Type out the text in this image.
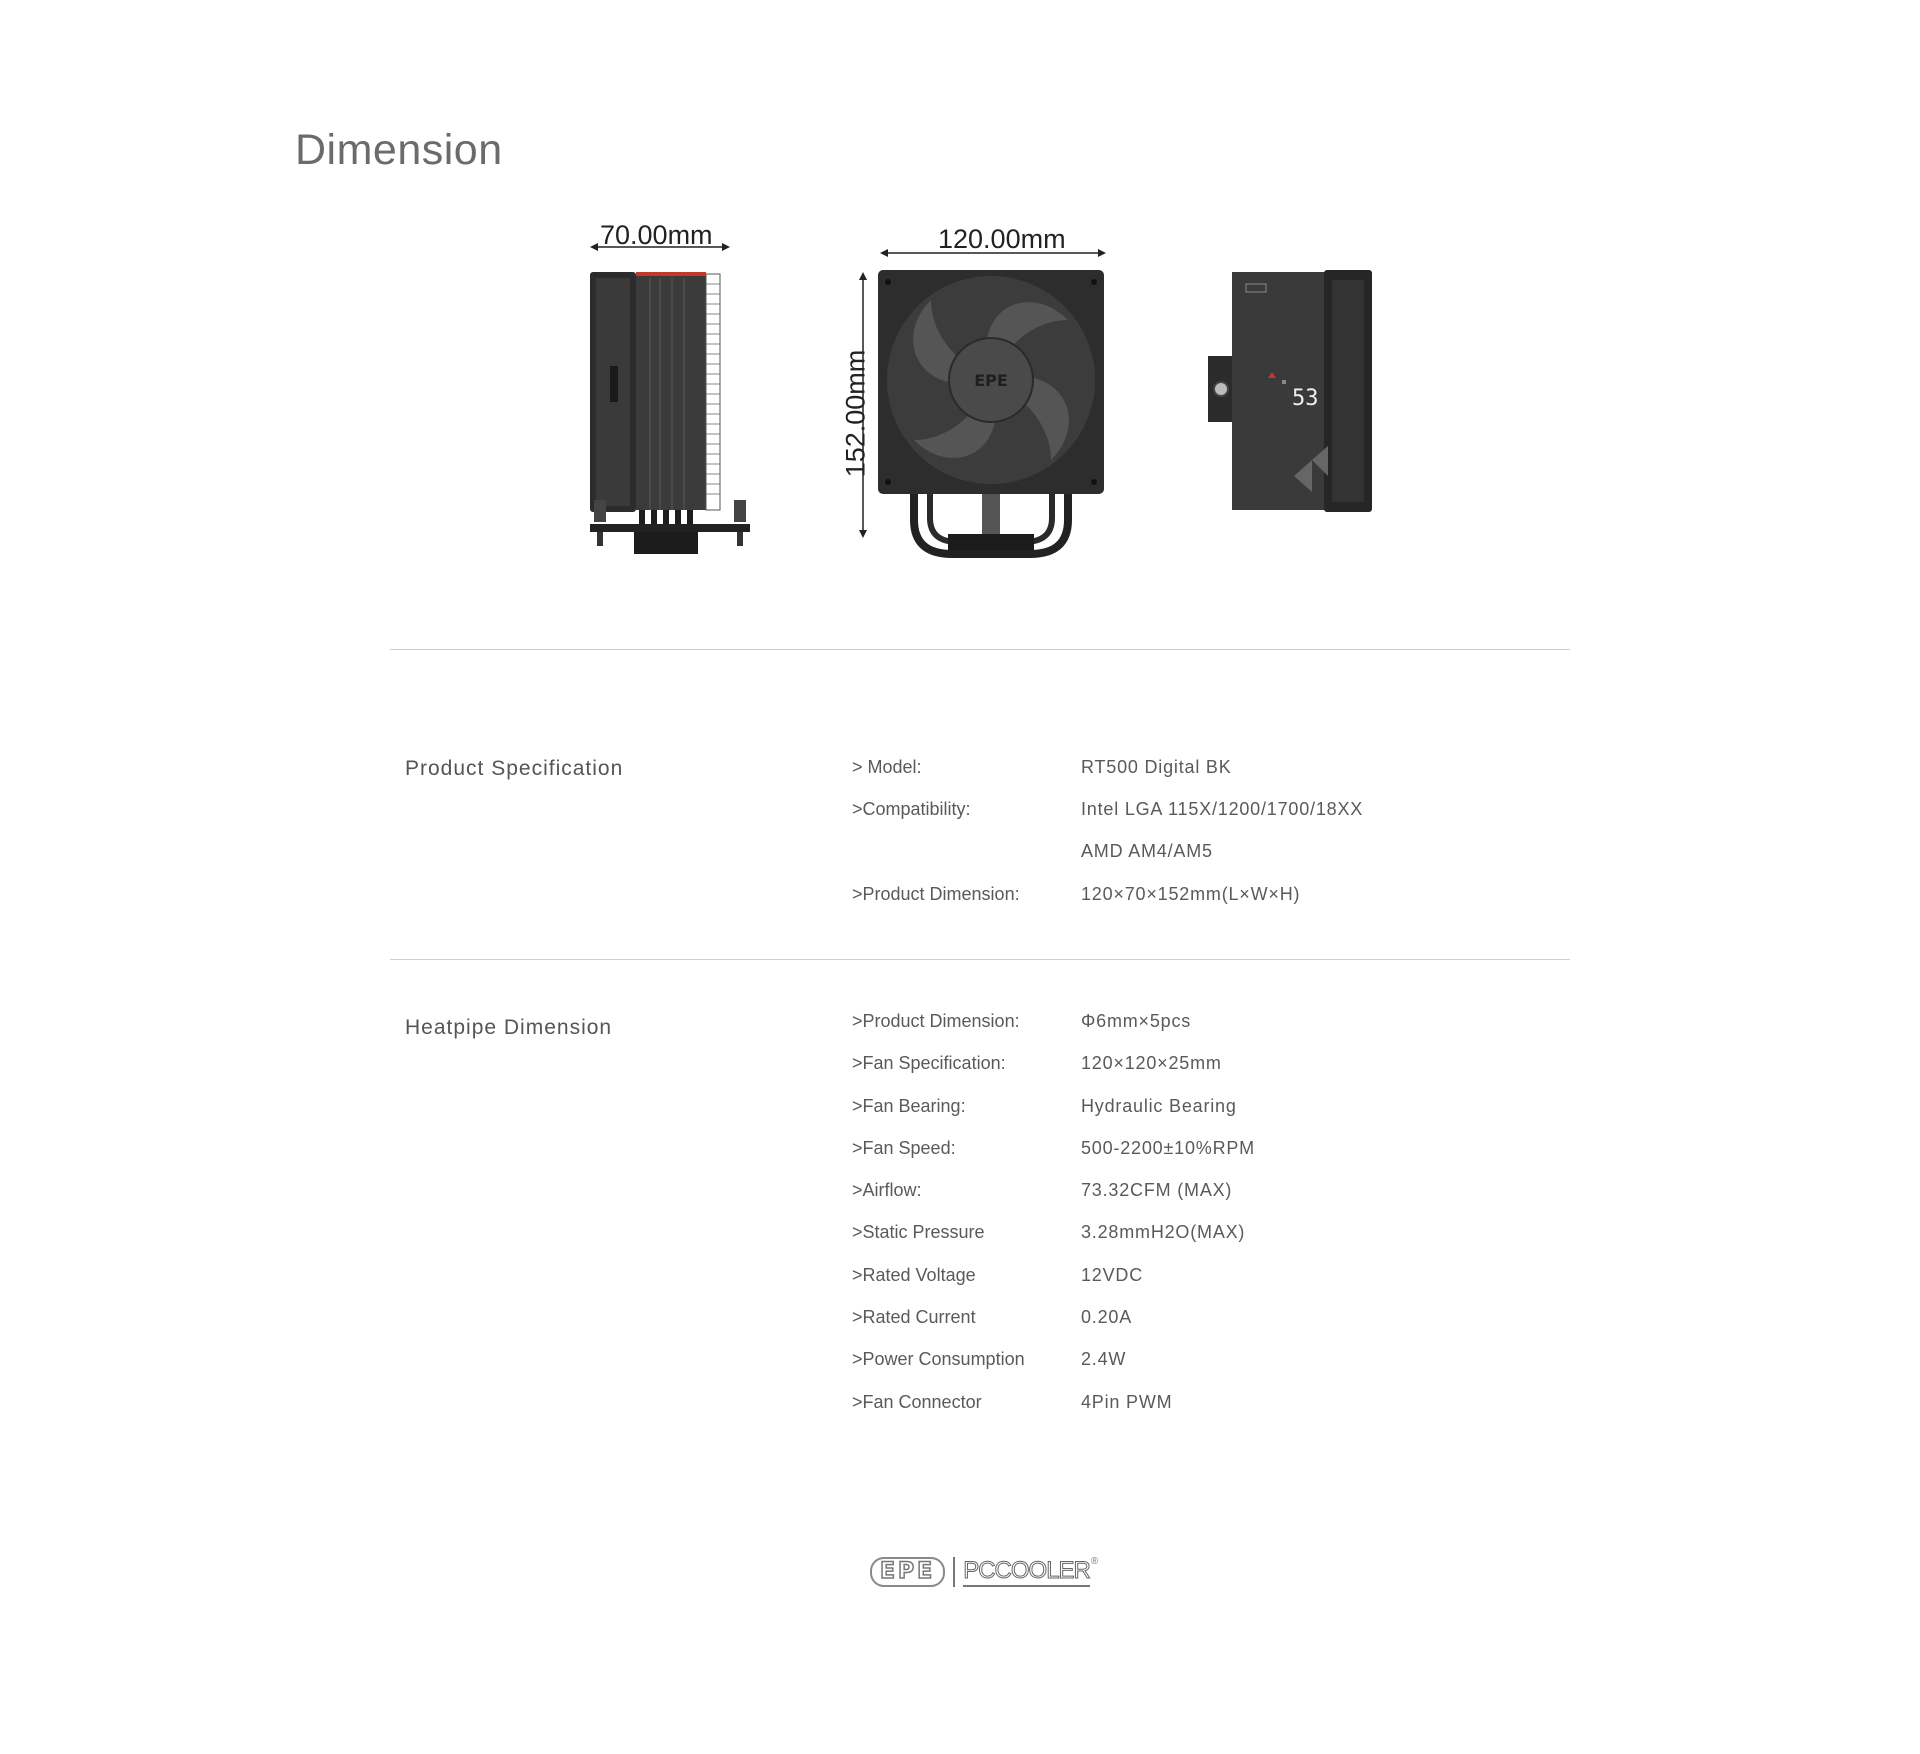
Dimension
70.00mm	120.00mm
152.00mm	EPE
53
Product Specification	> Model:	RT500 Digital BK
>Compatibility:	Intel LGA 115X/1200/1700/18XX
AMD AM4/AM5
>Product Dimension:	120×70×152mm(L×W×H)
Heatpipe Dimension	>Product Dimension:	Φ6mm×5pcs
>Fan Specification:	120×120×25mm
>Fan Bearing:	Hydraulic Bearing
>Fan Speed:	500-2200±10%RPM
>Airflow:	73.32CFM (MAX)
>Static Pressure	3.28mmH2O(MAX)
>Rated Voltage	12VDC
>Rated Current	0.20A
>Power Consumption	2.4W
>Fan Connector	4Pin PWM
EPE	PCCOOLER ®
